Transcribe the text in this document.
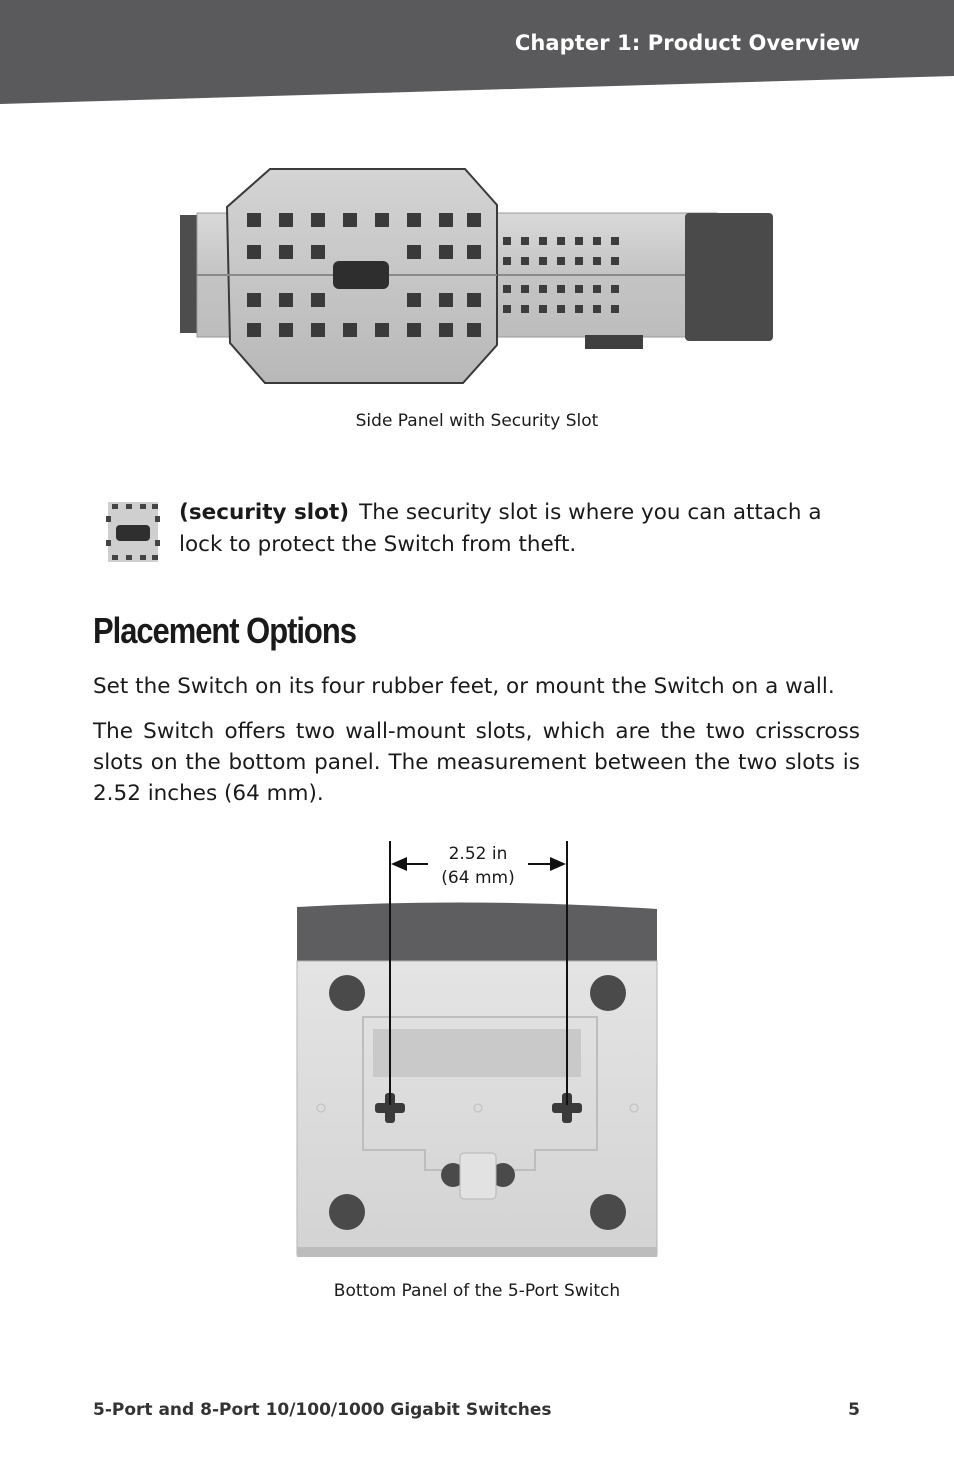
Chapter 1: Product Overview
Side Panel with Security Slot
(security slot) The security slot is where you can attach a lock to protect the Switch from theft.
Placement Options

Set the Switch on its four rubber feet, or mount the Switch on a wall.

The Switch offers two wall-mount slots, which are the two crisscross slots on the bottom panel. The measurement between the two slots is 2.52 inches (64 mm).

2.52 in
(64 mm)
Bottom Panel of the 5-Port Switch
5-Port and 8-Port 10/100/1000 Gigabit Switches	5
